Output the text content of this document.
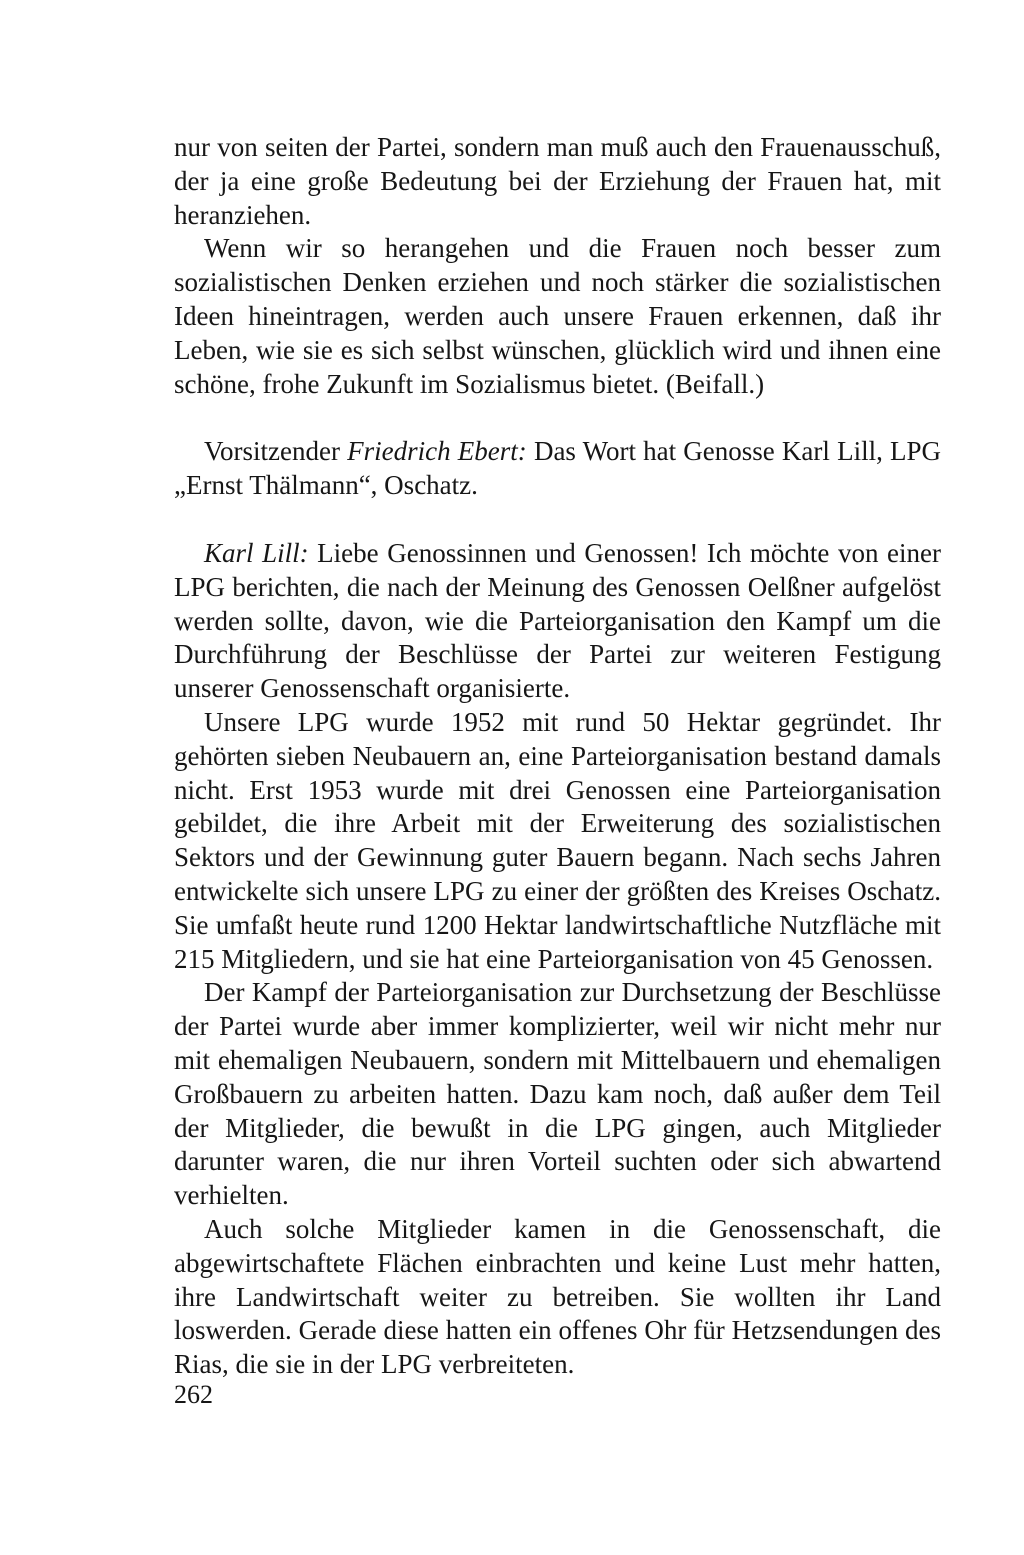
nur von seiten der Partei, sondern man muß auch den Frauenausschuß, der ja eine große Bedeutung bei der Erziehung der Frauen hat, mit heranziehen.

Wenn wir so herangehen und die Frauen noch besser zum sozialistischen Denken erziehen und noch stärker die sozialistischen Ideen hineintragen, werden auch unsere Frauen erkennen, daß ihr Leben, wie sie es sich selbst wünschen, glücklich wird und ihnen eine schöne, frohe Zukunft im Sozialismus bietet. (Beifall.)

Vorsitzender Friedrich Ebert: Das Wort hat Genosse Karl Lill, LPG „Ernst Thälmann“, Oschatz.

Karl Lill: Liebe Genossinnen und Genossen! Ich möchte von einer LPG berichten, die nach der Meinung des Genossen Oelßner aufgelöst werden sollte, davon, wie die Parteiorganisation den Kampf um die Durchführung der Beschlüsse der Partei zur weiteren Festigung unserer Genossenschaft organisierte.

Unsere LPG wurde 1952 mit rund 50 Hektar gegründet. Ihr gehörten sieben Neubauern an, eine Parteiorganisation bestand damals nicht. Erst 1953 wurde mit drei Genossen eine Parteiorganisation gebildet, die ihre Arbeit mit der Erweiterung des sozialistischen Sektors und der Gewinnung guter Bauern begann. Nach sechs Jahren entwickelte sich unsere LPG zu einer der größten des Kreises Oschatz. Sie umfaßt heute rund 1200 Hektar landwirtschaftliche Nutzfläche mit 215 Mitgliedern, und sie hat eine Parteiorganisation von 45 Genossen.

Der Kampf der Parteiorganisation zur Durchsetzung der Beschlüsse der Partei wurde aber immer komplizierter, weil wir nicht mehr nur mit ehemaligen Neubauern, sondern mit Mittelbauern und ehemaligen Großbauern zu arbeiten hatten. Dazu kam noch, daß außer dem Teil der Mitglieder, die bewußt in die LPG gingen, auch Mitglieder darunter waren, die nur ihren Vorteil suchten oder sich abwartend verhielten.

Auch solche Mitglieder kamen in die Genossenschaft, die abgewirtschaftete Flächen einbrachten und keine Lust mehr hatten, ihre Landwirtschaft weiter zu betreiben. Sie wollten ihr Land loswerden. Gerade diese hatten ein offenes Ohr für Hetzsendungen des Rias, die sie in der LPG verbreiteten.

262
